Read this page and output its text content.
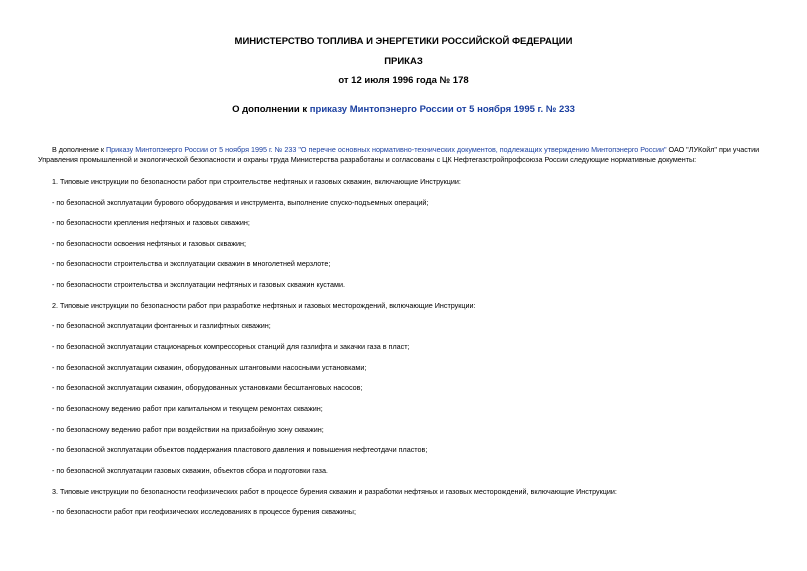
МИНИСТЕРСТВО ТОПЛИВА И ЭНЕРГЕТИКИ РОССИЙСКОЙ ФЕДЕРАЦИИ
ПРИКАЗ
от 12 июля 1996 года № 178
О дополнении к приказу Минтопэнерго России от 5 ноября 1995 г. № 233
В дополнение к Приказу Минтопэнерго России от 5 ноября 1995 г. № 233 "О перечне основных нормативно-технических документов, подлежащих утверждению Минтопэнерго России" ОАО "ЛУКойл" при участии Управления промышленной и экологической безопасности и охраны труда Министерства разработаны и согласованы с ЦК Нефтегазстройпрофсоюза России следующие нормативные документы:
1. Типовые инструкции по безопасности работ при строительстве нефтяных и газовых скважин, включающие Инструкции:
- по безопасной эксплуатации бурового оборудования и инструмента, выполнение спуско-подъемных операций;
- по безопасности крепления нефтяных и газовых скважин;
- по безопасности освоения нефтяных и газовых скважин;
- по безопасности строительства и эксплуатации скважин в многолетней мерзлоте;
- по безопасности строительства и эксплуатации нефтяных и газовых скважин кустами.
2. Типовые инструкции по безопасности работ при разработке нефтяных и газовых месторождений, включающие Инструкции:
- по безопасной эксплуатации фонтанных и газлифтных скважин;
- по безопасной эксплуатации стационарных компрессорных станций для газлифта и закачки газа в пласт;
- по безопасной эксплуатации скважин, оборудованных штанговыми насосными установками;
- по безопасной эксплуатации скважин, оборудованных установками бесштанговых насосов;
- по безопасному ведению работ при капитальном и текущем ремонтах скважин;
- по безопасному ведению работ при воздействии на призабойную зону скважин;
- по безопасной эксплуатации объектов поддержания пластового давления и повышения нефтеотдачи пластов;
- по безопасной эксплуатации газовых скважин, объектов сбора и подготовки газа.
3. Типовые инструкции по безопасности геофизических работ в процессе бурения скважин и разработки нефтяных и газовых месторождений, включающие Инструкции:
- по безопасности работ при геофизических исследованиях в процессе бурения скважины;
